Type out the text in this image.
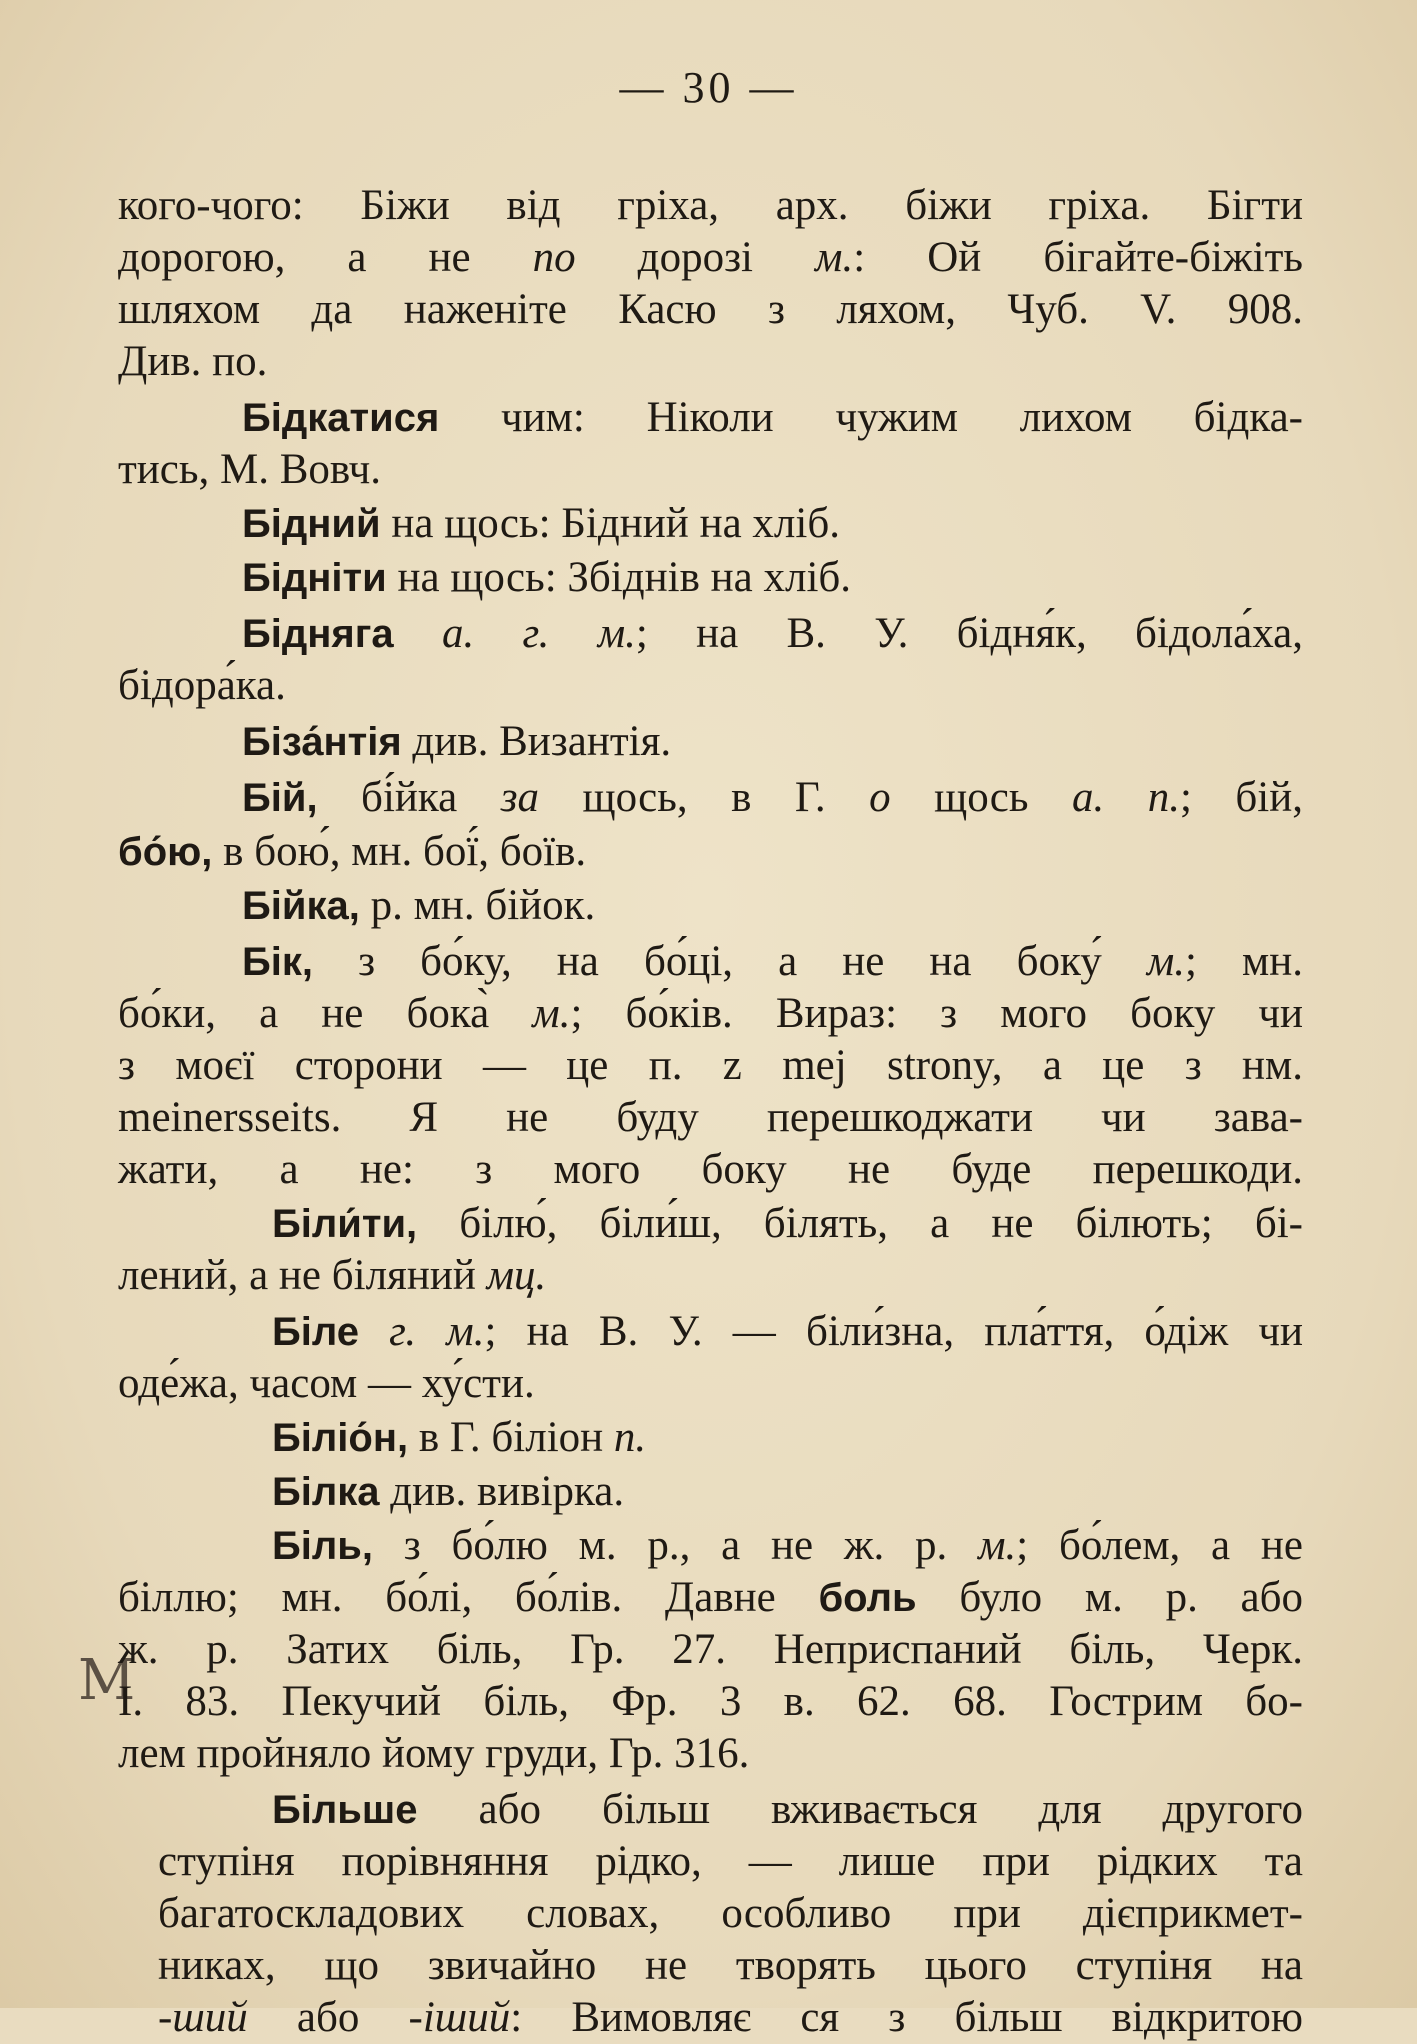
— 30 —
М
кого-чого: Біжи від гріха, арх. біжи гріха. Бігти
дорогою, а не по дорозі м.: Ой бігайте-біжіть
шляхом да наженіте Касю з ляхом, Чуб. V. 908.
Див. по.
Бідкатися чим: Ніколи чужим лихом бідка-
тись, М. Вовч.
Бідний на щось: Бідний на хліб.
Бідніти на щось: Збіднів на хліб.
Бідняга а. г. м.; на В. У. бідня́к, бідола́ха,
бідора́ка.
Біза́нтія див. Византія.
Бій, бі́йка за щось, в Г. о щось а. п.; бій,
бо́ю, в бою́, мн. бої́, боїв.
Бійка, р. мн. бійок.
Бік, з бо́ку, на бо́ці, а не на боку́ м.; мн.
бо́ки, а не бока̀ м.; бо́ків. Вираз: з мого боку чи
з моєї сторони — це п. z mej strony, а це з нм.
meinersseits. Я не буду перешкоджати чи зава-
жати, а не: з мого боку не буде перешкоди.
Біли́ти, білю́, біли́ш, білять, а не білють; бі-
лений, а не біляний мц.
Біле г. м.; на В. У. — біли́зна, пла́ття, о́діж чи
оде́жа, часом — ху́сти.
Біліо́н, в Г. біліон п.
Білка див. вивірка.
Біль, з бо́лю м. р., а не ж. р. м.; бо́лем, а не
біллю; мн. бо́лі, бо́лів. Давне боль було м. р. або
ж. р. Затих біль, Гр. 27. Неприспаний біль, Черк.
I. 83. Пекучий біль, Фр. 3 в. 62. 68. Гострим бо-
лем пройняло йому груди, Гр. 316.
Більше або більш вживається для другого
ступіня порівняння рідко, — лише при рідких та
багатоскладових словах, особливо при дієприкмет-
никах, що звичайно не творять цього ступіня на
-ший або -іший: Вимовляє ся з більш відкритою
